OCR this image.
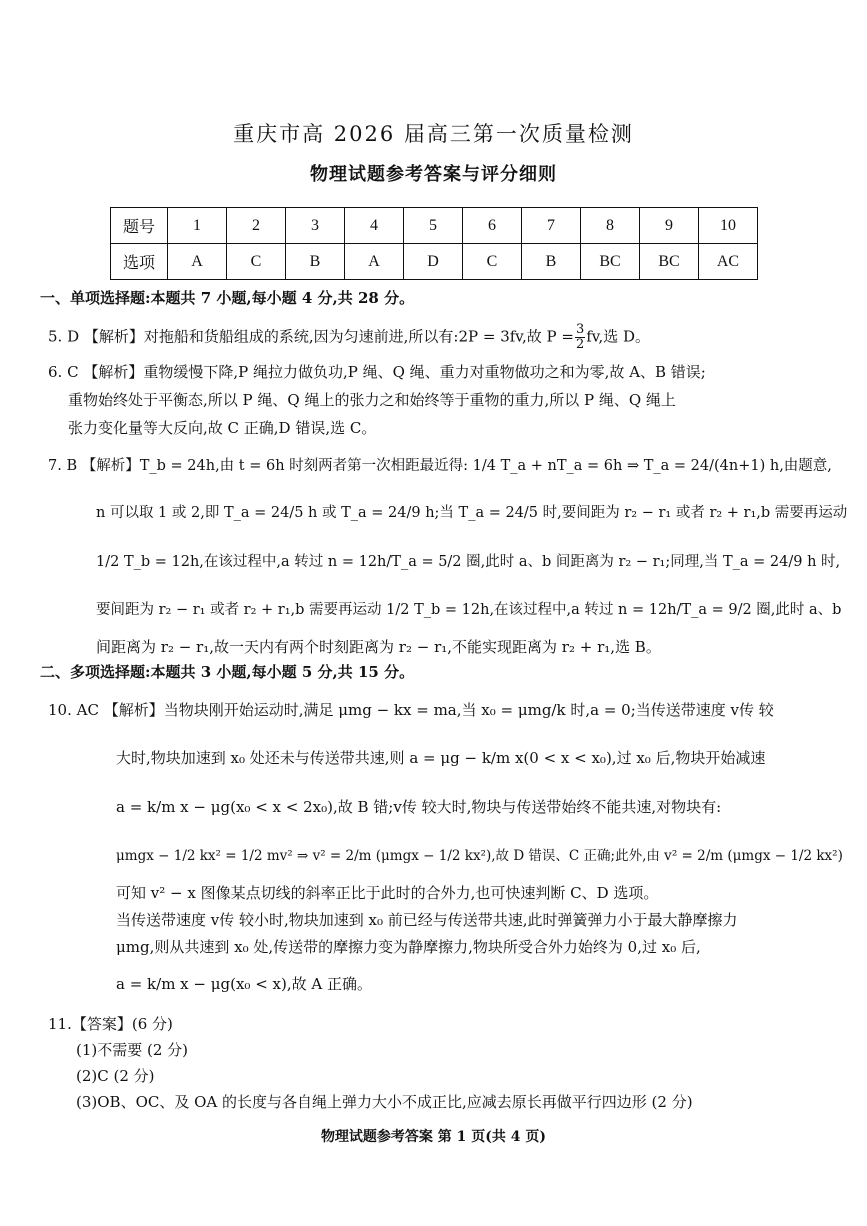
重庆市高 2026 届高三第一次质量检测
物理试题参考答案与评分细则
题号	1	2	3	4	5	6	7	8	9	10
选项	A	C	B	A	D	C	B	BC	BC	AC
一、单项选择题:本题共 7 小题,每小题 4 分,共 28 分。
5. D 【解析】对拖船和货船组成的系统,因为匀速前进,所以有:2P = 3fv,故 $P = \frac{3}{2}$ fv,选 D。
6. C 【解析】重物缓慢下降,P 绳拉力做负功,P 绳、Q 绳、重力对重物做功之和为零,故 A、B 错误;
重物始终处于平衡态,所以 P 绳、Q 绳上的张力之和始终等于重物的重力,所以 P 绳、Q 绳上
张力变化量等大反向,故 C 正确,D 错误,选 C。
7. B 【解析】T_b = 24h,由 t = 6h 时刻两者第一次相距最近得: 1/4 T_a + nT_a = 6h ⇒ T_a = 24/(4n+1) h,由题意,
n 可以取 1 或 2,即 T_a = 24/5 h 或 T_a = 24/9 h;当 T_a = 24/5 时,要间距为 r₂ − r₁ 或者 r₂ + r₁,b 需要再运动
1/2 T_b = 12h,在该过程中,a 转过 n = 12h/T_a = 5/2 圈,此时 a、b 间距离为 r₂ − r₁;同理,当 T_a = 24/9 h 时,
要间距为 r₂ − r₁ 或者 r₂ + r₁,b 需要再运动 1/2 T_b = 12h,在该过程中,a 转过 n = 12h/T_a = 9/2 圈,此时 a、b
间距离为 r₂ − r₁,故一天内有两个时刻距离为 r₂ − r₁,不能实现距离为 r₂ + r₁,选 B。
二、多项选择题:本题共 3 小题,每小题 5 分,共 15 分。
10. AC 【解析】当物块刚开始运动时,满足 μmg − kx = ma,当 x₀ = μmg/k 时,a = 0;当传送带速度 v传 较
大时,物块加速到 x₀ 处还未与传送带共速,则 a = μg − k/m x(0 < x < x₀),过 x₀ 后,物块开始减速
a = k/m x − μg(x₀ < x < 2x₀),故 B 错;v传 较大时,物块与传送带始终不能共速,对物块有:
μmgx − 1/2 kx² = 1/2 mv² ⇒ v² = 2/m (μmgx − 1/2 kx²),故 D 错误、C 正确;此外,由 v² = 2/m (μmgx − 1/2 kx²)
可知 v² − x 图像某点切线的斜率正比于此时的合外力,也可快速判断 C、D 选项。
当传送带速度 v传 较小时,物块加速到 x₀ 前已经与传送带共速,此时弹簧弹力小于最大静摩擦力
μmg,则从共速到 x₀ 处,传送带的摩擦力变为静摩擦力,物块所受合外力始终为 0,过 x₀ 后,
a = k/m x − μg(x₀ < x),故 A 正确。
11.【答案】(6 分)
(1)不需要 (2 分)
(2)C (2 分)
(3)OB、OC、及 OA 的长度与各自绳上弹力大小不成正比,应减去原长再做平行四边形 (2 分)
物理试题参考答案 第 1 页(共 4 页)
